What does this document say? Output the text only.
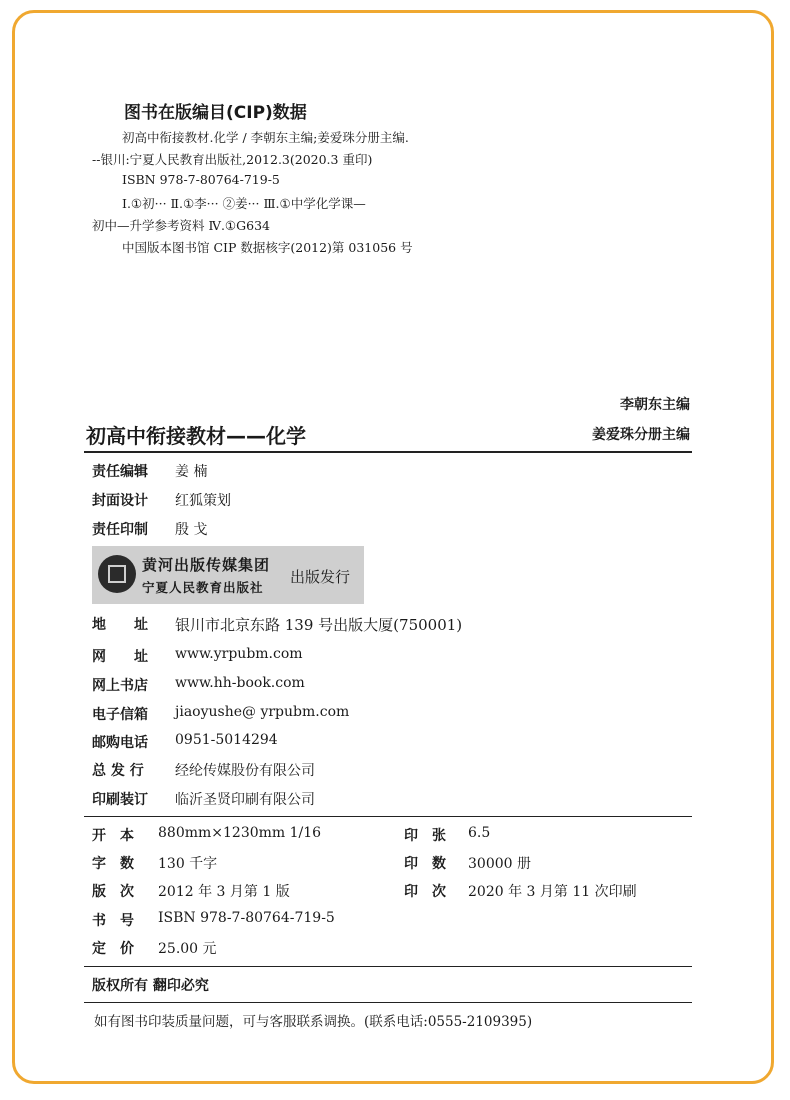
图书在版编目(CIP)数据
初高中衔接教材.化学 / 李朝东主编;姜爱珠分册主编.
--银川:宁夏人民教育出版社,2012.3(2020.3 重印)
ISBN 978-7-80764-719-5
Ⅰ.①初··· Ⅱ.①李··· ②姜··· Ⅲ.①中学化学课—
初中—升学参考资料 Ⅳ.①G634
中国版本图书馆 CIP 数据核字(2012)第 031056 号
李朝东主编
初高中衔接教材——化学	姜爱珠分册主编
责任编辑 姜 楠
封面设计 红狐策划
责任印制 殷 戈
黄河出版传媒集团
宁夏人民教育出版社
出版发行
地　　址 银川市北京东路 139 号出版大厦(750001)
网　　址 www.yrpubm.com
网上书店 www.hh-book.com
电子信箱 jiaoyushe@ yrpubm.com
邮购电话 0951-5014294
总 发 行 经纶传媒股份有限公司
印刷装订 临沂圣贤印刷有限公司
开　本 880mm×1230mm 1/16
字　数 130 千字
版　次 2012 年 3 月第 1 版
书　号 ISBN 978-7-80764-719-5
定　价 25.00 元
印　张 6.5
印　数 30000 册
印　次 2020 年 3 月第 11 次印刷
版权所有 翻印必究
如有图书印装质量问题，可与客服联系调换。(联系电话:0555-2109395)
